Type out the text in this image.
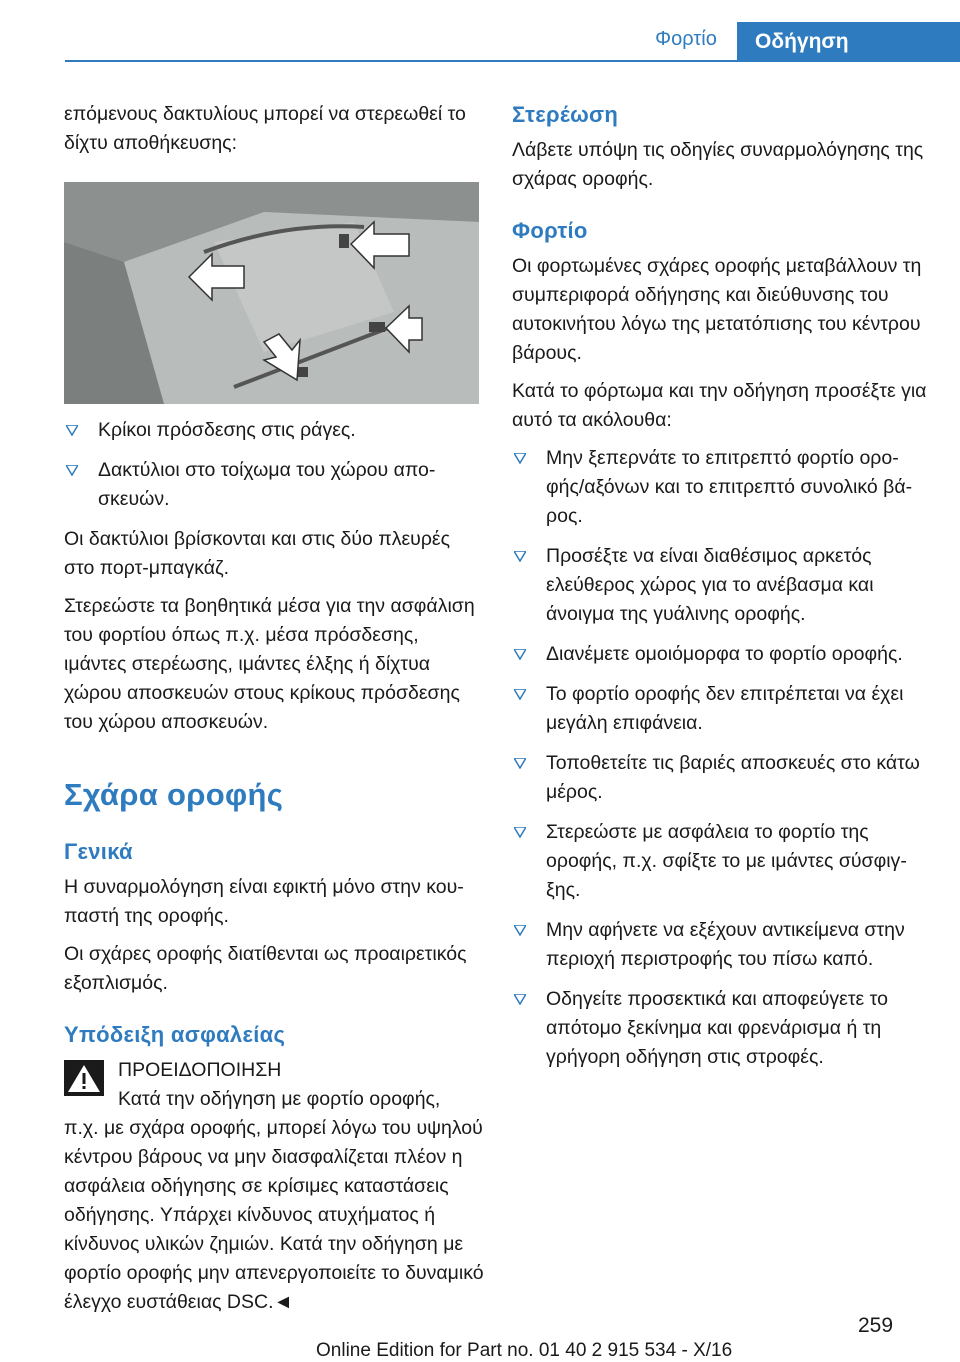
Φορτίο	Οδήγηση

επόμενους δακτυλίους μπορεί να στερεωθεί το δίχτυ αποθήκευσης:

Κρίκοι πρόσδεσης στις ράγες.
Δακτύλιοι στο τοίχωμα του χώρου αποσκευών.

Οι δακτύλιοι βρίσκονται και στις δύο πλευρές στο πορτ-μπαγκάζ.

Στερεώστε τα βοηθητικά μέσα για την ασφάλιση του φορτίου όπως π.χ. μέσα πρόσδεσης, ιμάντες στερέωσης, ιμάντες έλξης ή δίχτυα χώρου αποσκευών στους κρίκους πρόσδεσης του χώρου αποσκευών.

Σχάρα οροφής
Γενικά

Η συναρμολόγηση είναι εφικτή μόνο στην κουπαστή της οροφής.

Οι σχάρες οροφής διατίθενται ως προαιρετικός εξοπλισμός.

Υπόδειξη ασφαλείας
ΠΡΟΕΙΔΟΠΟΙΗΣΗ
Κατά την οδήγηση με φορτίο οροφής,
π.χ. με σχάρα οροφής, μπορεί λόγω του υψηλού κέντρου βάρους να μην διασφαλίζεται πλέον η ασφάλεια οδήγησης σε κρίσιμες καταστάσεις οδήγησης. Υπάρχει κίνδυνος ατυχήματος ή κίνδυνος υλικών ζημιών. Κατά την οδήγηση με φορτίο οροφής μην απενεργοποιείτε το δυναμικό έλεγχο ευστάθειας DSC.◄
Στερέωση

Λάβετε υπόψη τις οδηγίες συναρμολόγησης της σχάρας οροφής.

Φορτίο

Οι φορτωμένες σχάρες οροφής μεταβάλλουν τη συμπεριφορά οδήγησης και διεύθυνσης του αυτοκινήτου λόγω της μετατόπισης του κέντρου βάρους.

Κατά το φόρτωμα και την οδήγηση προσέξτε για αυτό τα ακόλουθα:

Μην ξεπερνάτε το επιτρεπτό φορτίο οροφής/αξόνων και το επιτρεπτό συνολικό βάρος.
Προσέξτε να είναι διαθέσιμος αρκετός ελεύθερος χώρος για το ανέβασμα και άνοιγμα της γυάλινης οροφής.
Διανέμετε ομοιόμορφα το φορτίο οροφής.
Το φορτίο οροφής δεν επιτρέπεται να έχει μεγάλη επιφάνεια.
Τοποθετείτε τις βαριές αποσκευές στο κάτω μέρος.
Στερεώστε με ασφάλεια το φορτίο της οροφής, π.χ. σφίξτε το με ιμάντες σύσφιγξης.
Μην αφήνετε να εξέχουν αντικείμενα στην περιοχή περιστροφής του πίσω καπό.
Οδηγείτε προσεκτικά και αποφεύγετε το απότομο ξεκίνημα και φρενάρισμα ή τη γρήγορη οδήγηση στις στροφές.
259
Online Edition for Part no. 01 40 2 915 534 - X/16
